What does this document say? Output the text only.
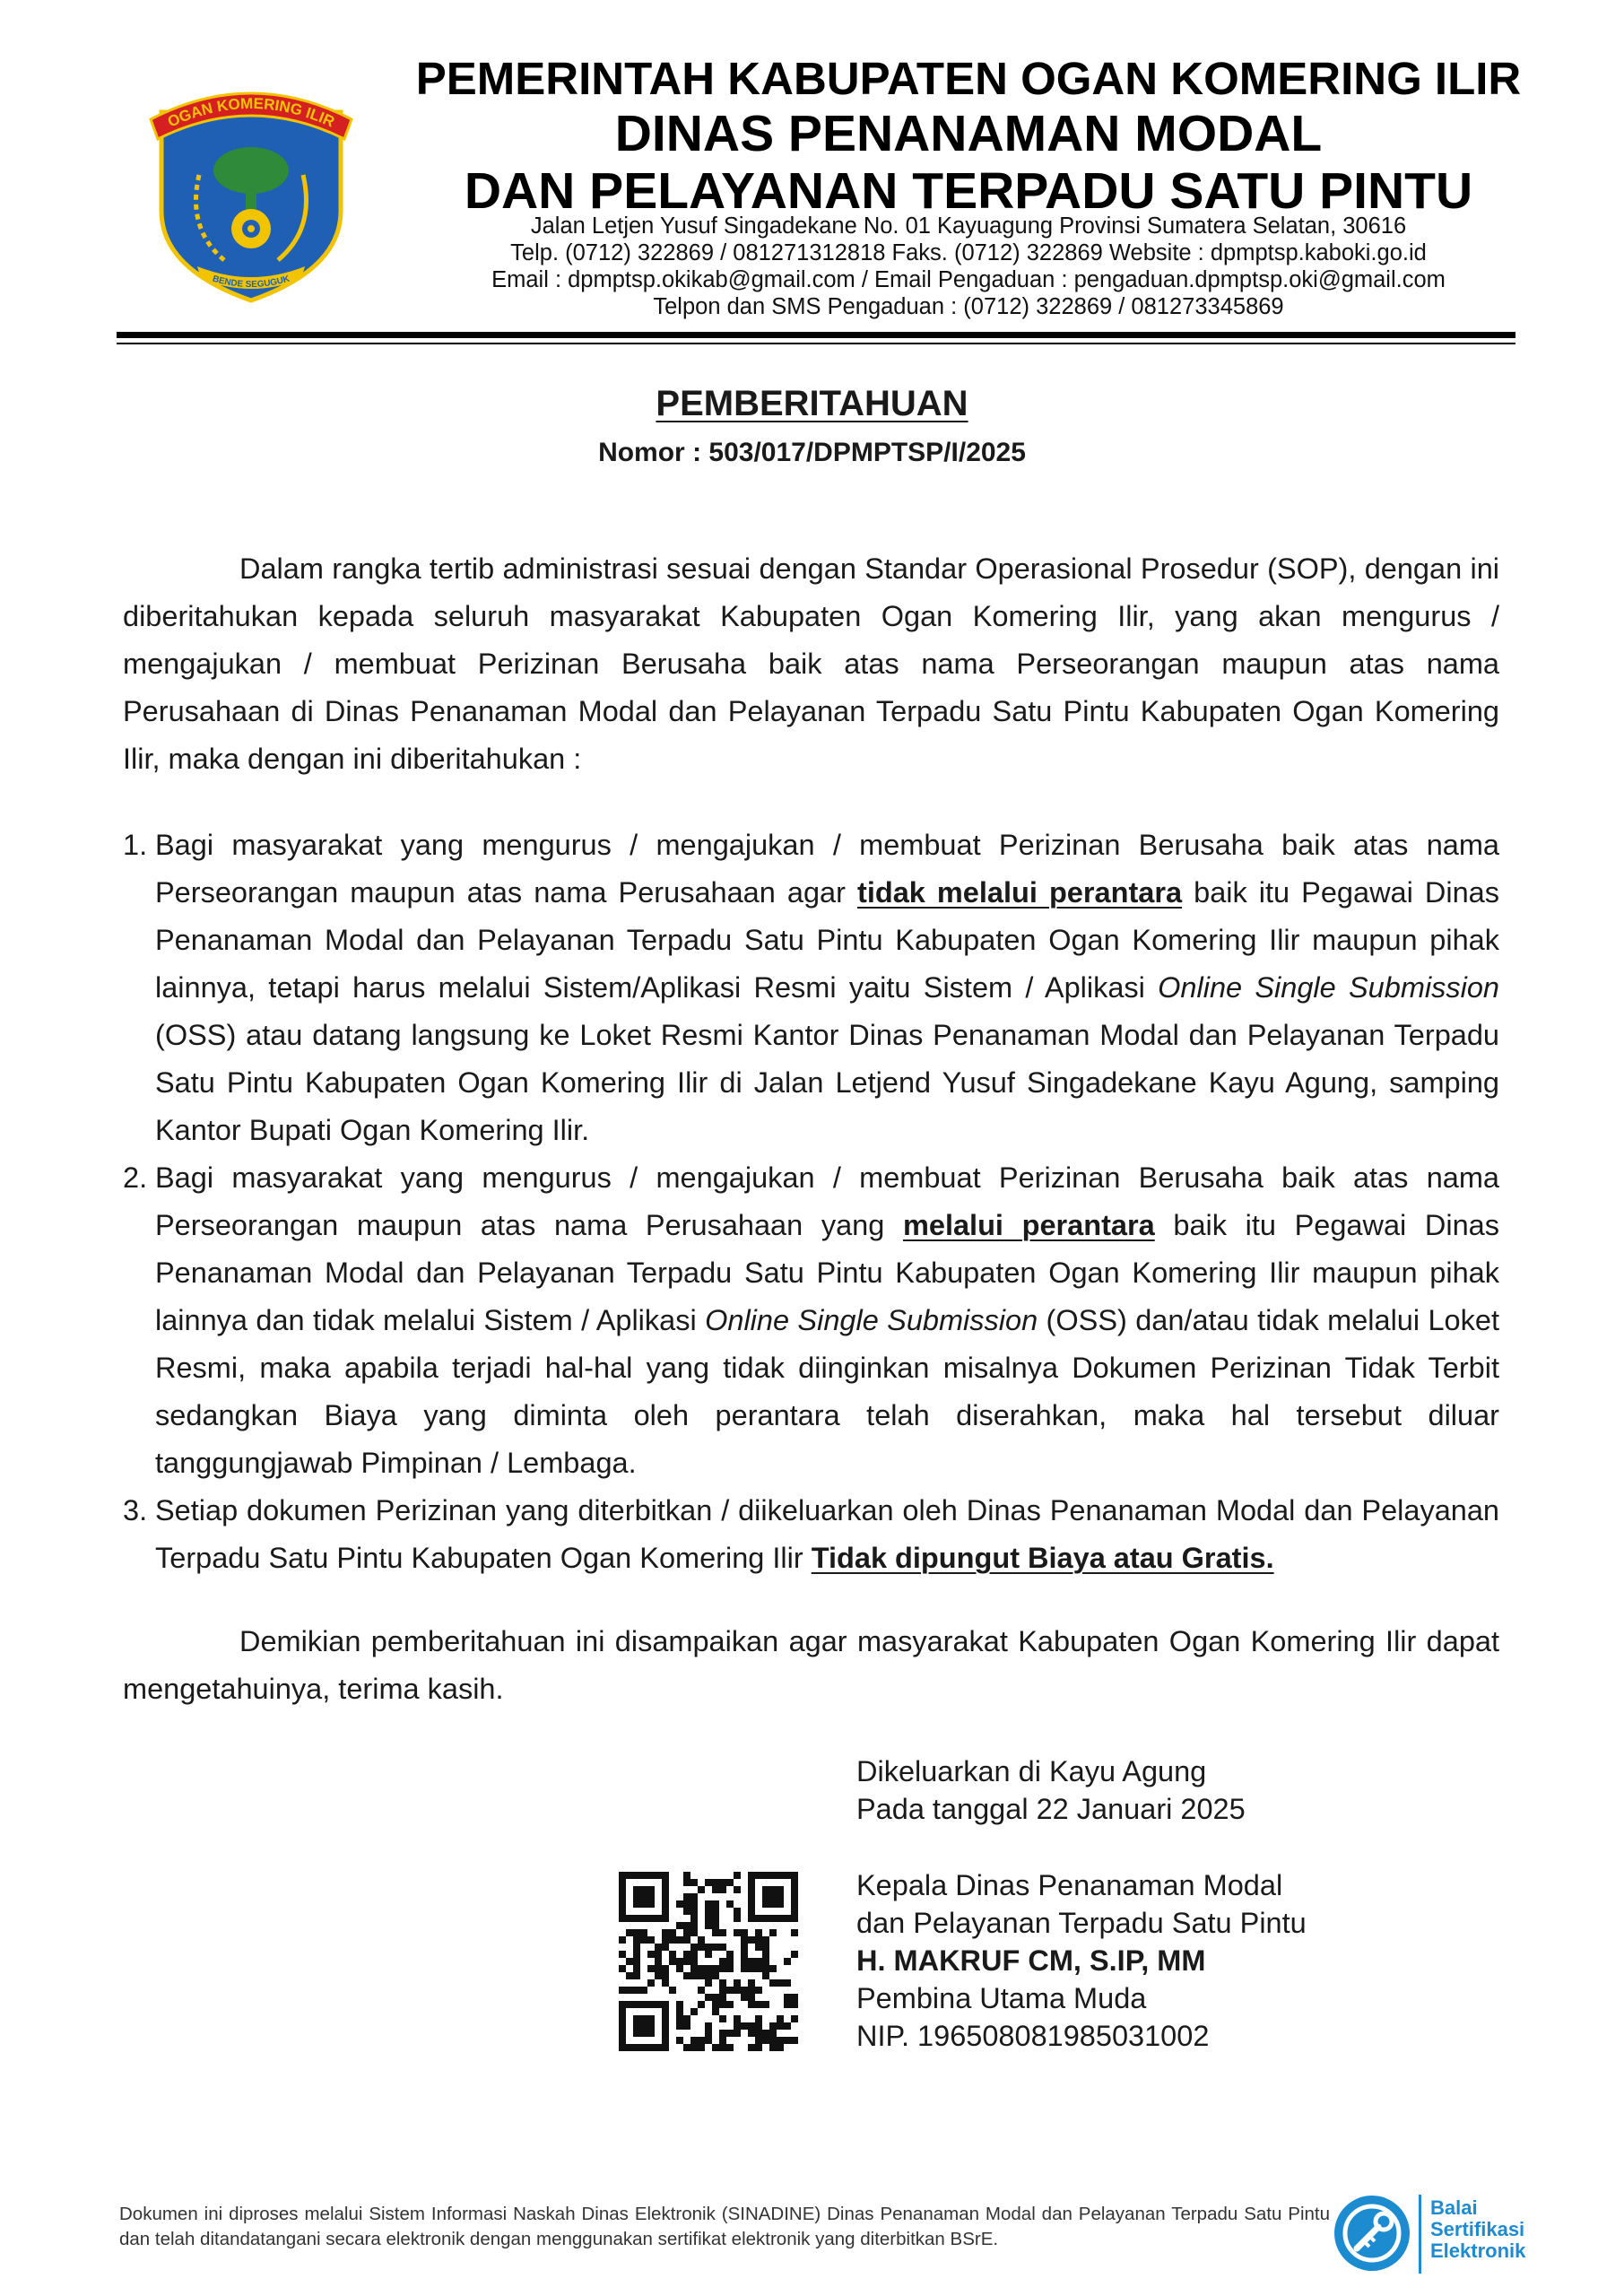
OGAN KOMERING ILIR
BENDE SEGUGUK
PEMERINTAH KABUPATEN OGAN KOMERING ILIR
DINAS PENANAMAN MODAL
DAN PELAYANAN TERPADU SATU PINTU
Jalan Letjen Yusuf Singadekane No. 01 Kayuagung Provinsi Sumatera Selatan, 30616
Telp. (0712) 322869 / 081271312818 Faks. (0712) 322869 Website : dpmptsp.kaboki.go.id
Email : dpmptsp.okikab@gmail.com / Email Pengaduan : pengaduan.dpmptsp.oki@gmail.com
Telpon dan SMS Pengaduan : (0712) 322869 / 081273345869
PEMBERITAHUAN
Nomor : 503/017/DPMPTSP/I/2025
Dalam rangka tertib administrasi sesuai dengan Standar Operasional Prosedur (SOP), dengan ini diberitahukan kepada seluruh masyarakat Kabupaten Ogan Komering Ilir, yang akan mengurus / mengajukan / membuat Perizinan Berusaha baik atas nama Perseorangan maupun atas nama Perusahaan di Dinas Penanaman Modal dan Pelayanan Terpadu Satu Pintu Kabupaten Ogan Komering Ilir, maka dengan ini diberitahukan :
1. Bagi masyarakat yang mengurus / mengajukan / membuat Perizinan Berusaha baik atas nama Perseorangan maupun atas nama Perusahaan agar tidak melalui perantara baik itu Pegawai Dinas Penanaman Modal dan Pelayanan Terpadu Satu Pintu Kabupaten Ogan Komering Ilir maupun pihak lainnya, tetapi harus melalui Sistem/Aplikasi Resmi yaitu Sistem / Aplikasi Online Single Submission (OSS) atau datang langsung ke Loket Resmi Kantor Dinas Penanaman Modal dan Pelayanan Terpadu Satu Pintu Kabupaten Ogan Komering Ilir di Jalan Letjend Yusuf Singadekane Kayu Agung, samping Kantor Bupati Ogan Komering Ilir.
2. Bagi masyarakat yang mengurus / mengajukan / membuat Perizinan Berusaha baik atas nama Perseorangan maupun atas nama Perusahaan yang melalui perantara baik itu Pegawai Dinas Penanaman Modal dan Pelayanan Terpadu Satu Pintu Kabupaten Ogan Komering Ilir maupun pihak lainnya dan tidak melalui Sistem / Aplikasi Online Single Submission (OSS) dan/atau tidak melalui Loket Resmi, maka apabila terjadi hal-hal yang tidak diinginkan misalnya Dokumen Perizinan Tidak Terbit sedangkan Biaya yang diminta oleh perantara telah diserahkan, maka hal tersebut diluar tanggungjawab Pimpinan / Lembaga.
3. Setiap dokumen Perizinan yang diterbitkan / diikeluarkan oleh Dinas Penanaman Modal dan Pelayanan Terpadu Satu Pintu Kabupaten Ogan Komering Ilir Tidak dipungut Biaya atau Gratis.
Demikian pemberitahuan ini disampaikan agar masyarakat Kabupaten Ogan Komering Ilir dapat mengetahuinya, terima kasih.
Dikeluarkan di Kayu Agung
Pada tanggal 22 Januari 2025
Kepala Dinas Penanaman Modal
dan Pelayanan Terpadu Satu Pintu
H. MAKRUF CM, S.IP, MM
Pembina Utama Muda
NIP. 196508081985031002
Dokumen ini diproses melalui Sistem Informasi Naskah Dinas Elektronik (SINADINE) Dinas Penanaman Modal dan Pelayanan Terpadu Satu Pintu dan telah ditandatangani secara elektronik dengan menggunakan sertifikat elektronik yang diterbitkan BSrE.
Balai
Sertifikasi
Elektronik
